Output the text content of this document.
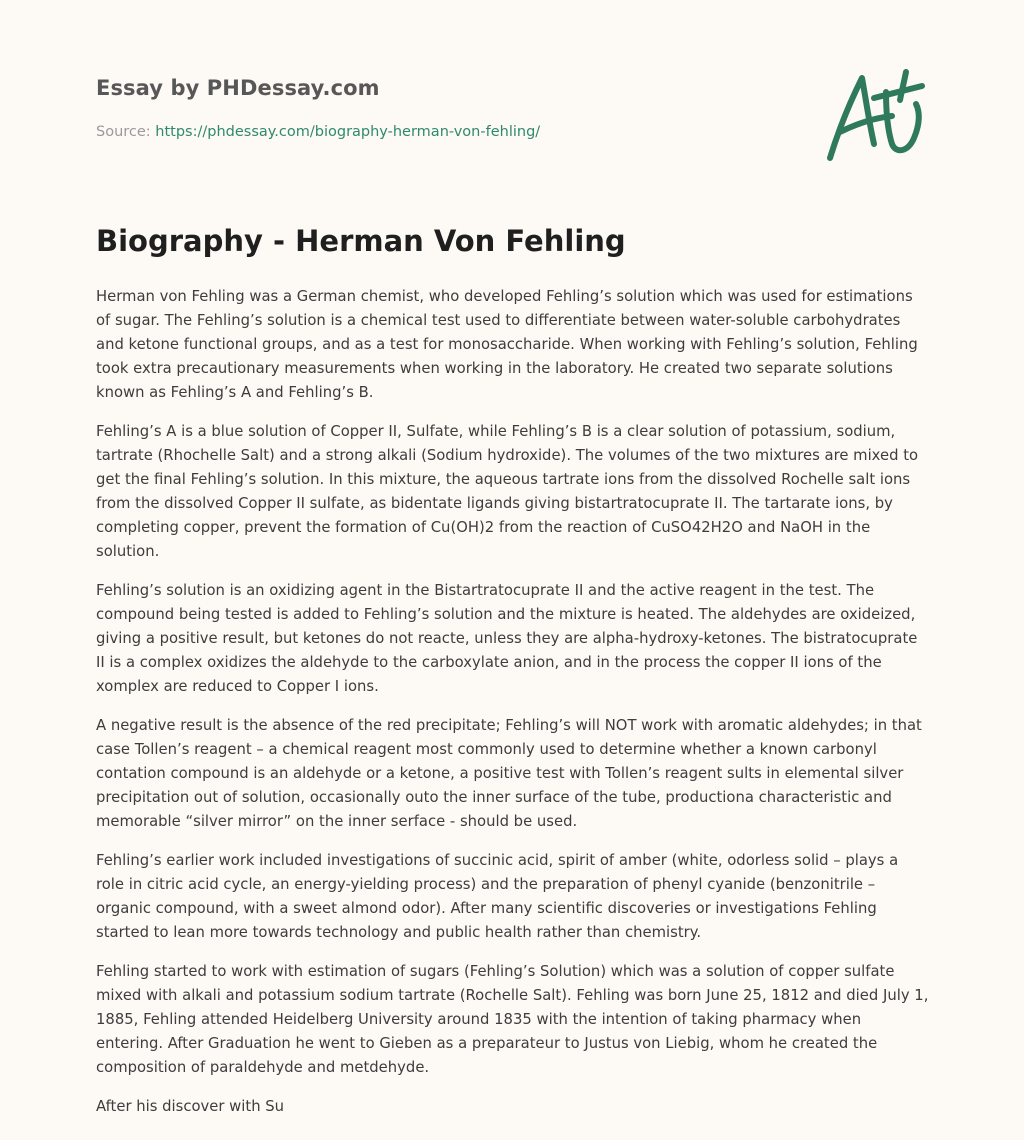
Essay by PHDessay.com
Source: https://phdessay.com/biography-herman-von-fehling/
Biography - Herman Von Fehling

Herman von Fehling was a German chemist, who developed Fehling’s solution which was used for estimations of sugar. The Fehling’s solution is a chemical test used to differentiate between water-soluble carbohydrates and ketone functional groups, and as a test for monosaccharide. When working with Fehling’s solution, Fehling took extra precautionary measurements when working in the laboratory. He created two separate solutions known as Fehling’s A and Fehling’s B.

Fehling’s A is a blue solution of Copper II, Sulfate, while Fehling’s B is a clear solution of potassium, sodium, tartrate (Rhochelle Salt) and a strong alkali (Sodium hydroxide). The volumes of the two mixtures are mixed to get the final Fehling’s solution. In this mixture, the aqueous tartrate ions from the dissolved Rochelle salt ions from the dissolved Copper II sulfate, as bidentate ligands giving bistartratocuprate II. The tartarate ions, by completing copper, prevent the formation of Cu(OH)2 from the reaction of CuSO42H2O and NaOH in the solution.

Fehling’s solution is an oxidizing agent in the Bistartratocuprate II and the active reagent in the test. The compound being tested is added to Fehling’s solution and the mixture is heated. The aldehydes are oxideized, giving a positive result, but ketones do not reacte, unless they are alpha-hydroxy-ketones. The bistratocuprate II is a complex oxidizes the aldehyde to the carboxylate anion, and in the process the copper II ions of the xomplex are reduced to Copper I ions.

A negative result is the absence of the red precipitate; Fehling’s will NOT work with aromatic aldehydes; in that case Tollen’s reagent – a chemical reagent most commonly used to determine whether a known carbonyl contation compound is an aldehyde or a ketone, a positive test with Tollen’s reagent sults in elemental silver precipitation out of solution, occasionally outo the inner surface of the tube, productiona characteristic and memorable “silver mirror” on the inner serface - should be used.

Fehling’s earlier work included investigations of succinic acid, spirit of amber (white, odorless solid – plays a role in citric acid cycle, an energy-yielding process) and the preparation of phenyl cyanide (benzonitrile – organic compound, with a sweet almond odor). After many scientific discoveries or investigations Fehling started to lean more towards technology and public health rather than chemistry.

Fehling started to work with estimation of sugars (Fehling’s Solution) which was a solution of copper sulfate mixed with alkali and potassium sodium tartrate (Rochelle Salt). Fehling was born June 25, 1812 and died July 1, 1885, Fehling attended Heidelberg University around 1835 with the intention of taking pharmacy when entering. After Graduation he went to Gieben as a preparateur to Justus von Liebig, whom he created the composition of paraldehyde and metdehyde.

After his discover with Su
